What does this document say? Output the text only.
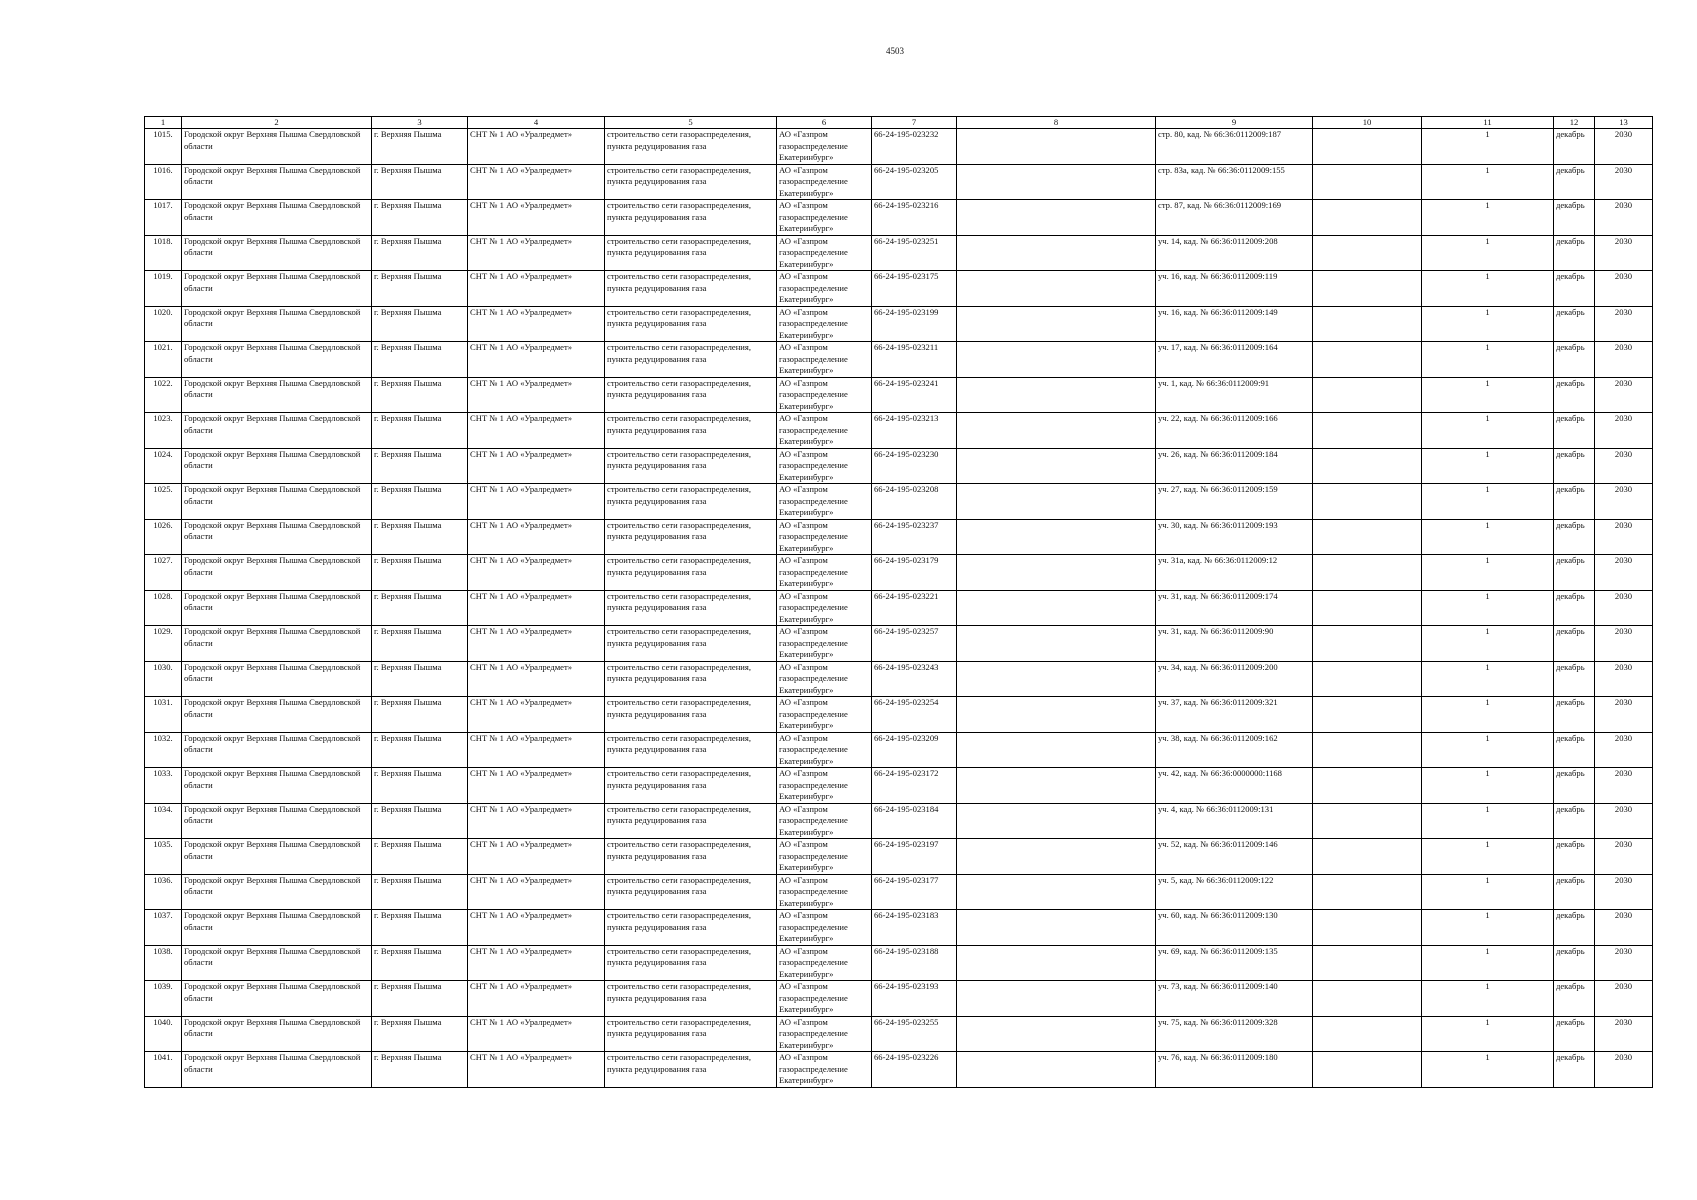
4503
1	2	3	4	5	6	7	8	9	10	11	12	13
1015.	Городской округ Верхняя Пышма Свердловской области	г. Верхняя Пышма	СНТ № 1 АО «Уралредмет»	строительство сети газораспределения, пункта редуцирования газа	АО «Газпром газораспределение Екатеринбург»	66-24-195-023232		стр. 80, кад. № 66:36:0112009:187		1	декабрь	2030
1016.	Городской округ Верхняя Пышма Свердловской области	г. Верхняя Пышма	СНТ № 1 АО «Уралредмет»	строительство сети газораспределения, пункта редуцирования газа	АО «Газпром газораспределение Екатеринбург»	66-24-195-023205		стр. 83а, кад. № 66:36:0112009:155		1	декабрь	2030
1017.	Городской округ Верхняя Пышма Свердловской области	г. Верхняя Пышма	СНТ № 1 АО «Уралредмет»	строительство сети газораспределения, пункта редуцирования газа	АО «Газпром газораспределение Екатеринбург»	66-24-195-023216		стр. 87, кад. № 66:36:0112009:169		1	декабрь	2030
1018.	Городской округ Верхняя Пышма Свердловской области	г. Верхняя Пышма	СНТ № 1 АО «Уралредмет»	строительство сети газораспределения, пункта редуцирования газа	АО «Газпром газораспределение Екатеринбург»	66-24-195-023251		уч. 14, кад. № 66:36:0112009:208		1	декабрь	2030
1019.	Городской округ Верхняя Пышма Свердловской области	г. Верхняя Пышма	СНТ № 1 АО «Уралредмет»	строительство сети газораспределения, пункта редуцирования газа	АО «Газпром газораспределение Екатеринбург»	66-24-195-023175		уч. 16, кад. № 66:36:0112009:119		1	декабрь	2030
1020.	Городской округ Верхняя Пышма Свердловской области	г. Верхняя Пышма	СНТ № 1 АО «Уралредмет»	строительство сети газораспределения, пункта редуцирования газа	АО «Газпром газораспределение Екатеринбург»	66-24-195-023199		уч. 16, кад. № 66:36:0112009:149		1	декабрь	2030
1021.	Городской округ Верхняя Пышма Свердловской области	г. Верхняя Пышма	СНТ № 1 АО «Уралредмет»	строительство сети газораспределения, пункта редуцирования газа	АО «Газпром газораспределение Екатеринбург»	66-24-195-023211		уч. 17, кад. № 66:36:0112009:164		1	декабрь	2030
1022.	Городской округ Верхняя Пышма Свердловской области	г. Верхняя Пышма	СНТ № 1 АО «Уралредмет»	строительство сети газораспределения, пункта редуцирования газа	АО «Газпром газораспределение Екатеринбург»	66-24-195-023241		уч. 1, кад. № 66:36:0112009:91		1	декабрь	2030
1023.	Городской округ Верхняя Пышма Свердловской области	г. Верхняя Пышма	СНТ № 1 АО «Уралредмет»	строительство сети газораспределения, пункта редуцирования газа	АО «Газпром газораспределение Екатеринбург»	66-24-195-023213		уч. 22, кад. № 66:36:0112009:166		1	декабрь	2030
1024.	Городской округ Верхняя Пышма Свердловской области	г. Верхняя Пышма	СНТ № 1 АО «Уралредмет»	строительство сети газораспределения, пункта редуцирования газа	АО «Газпром газораспределение Екатеринбург»	66-24-195-023230		уч. 26, кад. № 66:36:0112009:184		1	декабрь	2030
1025.	Городской округ Верхняя Пышма Свердловской области	г. Верхняя Пышма	СНТ № 1 АО «Уралредмет»	строительство сети газораспределения, пункта редуцирования газа	АО «Газпром газораспределение Екатеринбург»	66-24-195-023208		уч. 27, кад. № 66:36:0112009:159		1	декабрь	2030
1026.	Городской округ Верхняя Пышма Свердловской области	г. Верхняя Пышма	СНТ № 1 АО «Уралредмет»	строительство сети газораспределения, пункта редуцирования газа	АО «Газпром газораспределение Екатеринбург»	66-24-195-023237		уч. 30, кад. № 66:36:0112009:193		1	декабрь	2030
1027.	Городской округ Верхняя Пышма Свердловской области	г. Верхняя Пышма	СНТ № 1 АО «Уралредмет»	строительство сети газораспределения, пункта редуцирования газа	АО «Газпром газораспределение Екатеринбург»	66-24-195-023179		уч. 31а, кад. № 66:36:0112009:12		1	декабрь	2030
1028.	Городской округ Верхняя Пышма Свердловской области	г. Верхняя Пышма	СНТ № 1 АО «Уралредмет»	строительство сети газораспределения, пункта редуцирования газа	АО «Газпром газораспределение Екатеринбург»	66-24-195-023221		уч. 31, кад. № 66:36:0112009:174		1	декабрь	2030
1029.	Городской округ Верхняя Пышма Свердловской области	г. Верхняя Пышма	СНТ № 1 АО «Уралредмет»	строительство сети газораспределения, пункта редуцирования газа	АО «Газпром газораспределение Екатеринбург»	66-24-195-023257		уч. 31, кад. № 66:36:0112009:90		1	декабрь	2030
1030.	Городской округ Верхняя Пышма Свердловской области	г. Верхняя Пышма	СНТ № 1 АО «Уралредмет»	строительство сети газораспределения, пункта редуцирования газа	АО «Газпром газораспределение Екатеринбург»	66-24-195-023243		уч. 34, кад. № 66:36:0112009:200		1	декабрь	2030
1031.	Городской округ Верхняя Пышма Свердловской области	г. Верхняя Пышма	СНТ № 1 АО «Уралредмет»	строительство сети газораспределения, пункта редуцирования газа	АО «Газпром газораспределение Екатеринбург»	66-24-195-023254		уч. 37, кад. № 66:36:0112009:321		1	декабрь	2030
1032.	Городской округ Верхняя Пышма Свердловской области	г. Верхняя Пышма	СНТ № 1 АО «Уралредмет»	строительство сети газораспределения, пункта редуцирования газа	АО «Газпром газораспределение Екатеринбург»	66-24-195-023209		уч. 38, кад. № 66:36:0112009:162		1	декабрь	2030
1033.	Городской округ Верхняя Пышма Свердловской области	г. Верхняя Пышма	СНТ № 1 АО «Уралредмет»	строительство сети газораспределения, пункта редуцирования газа	АО «Газпром газораспределение Екатеринбург»	66-24-195-023172		уч. 42, кад. № 66:36:0000000:1168		1	декабрь	2030
1034.	Городской округ Верхняя Пышма Свердловской области	г. Верхняя Пышма	СНТ № 1 АО «Уралредмет»	строительство сети газораспределения, пункта редуцирования газа	АО «Газпром газораспределение Екатеринбург»	66-24-195-023184		уч. 4, кад. № 66:36:0112009:131		1	декабрь	2030
1035.	Городской округ Верхняя Пышма Свердловской области	г. Верхняя Пышма	СНТ № 1 АО «Уралредмет»	строительство сети газораспределения, пункта редуцирования газа	АО «Газпром газораспределение Екатеринбург»	66-24-195-023197		уч. 52, кад. № 66:36:0112009:146		1	декабрь	2030
1036.	Городской округ Верхняя Пышма Свердловской области	г. Верхняя Пышма	СНТ № 1 АО «Уралредмет»	строительство сети газораспределения, пункта редуцирования газа	АО «Газпром газораспределение Екатеринбург»	66-24-195-023177		уч. 5, кад. № 66:36:0112009:122		1	декабрь	2030
1037.	Городской округ Верхняя Пышма Свердловской области	г. Верхняя Пышма	СНТ № 1 АО «Уралредмет»	строительство сети газораспределения, пункта редуцирования газа	АО «Газпром газораспределение Екатеринбург»	66-24-195-023183		уч. 60, кад. № 66:36:0112009:130		1	декабрь	2030
1038.	Городской округ Верхняя Пышма Свердловской области	г. Верхняя Пышма	СНТ № 1 АО «Уралредмет»	строительство сети газораспределения, пункта редуцирования газа	АО «Газпром газораспределение Екатеринбург»	66-24-195-023188		уч. 69, кад. № 66:36:0112009:135		1	декабрь	2030
1039.	Городской округ Верхняя Пышма Свердловской области	г. Верхняя Пышма	СНТ № 1 АО «Уралредмет»	строительство сети газораспределения, пункта редуцирования газа	АО «Газпром газораспределение Екатеринбург»	66-24-195-023193		уч. 73, кад. № 66:36:0112009:140		1	декабрь	2030
1040.	Городской округ Верхняя Пышма Свердловской области	г. Верхняя Пышма	СНТ № 1 АО «Уралредмет»	строительство сети газораспределения, пункта редуцирования газа	АО «Газпром газораспределение Екатеринбург»	66-24-195-023255		уч. 75, кад. № 66:36:0112009:328		1	декабрь	2030
1041.	Городской округ Верхняя Пышма Свердловской области	г. Верхняя Пышма	СНТ № 1 АО «Уралредмет»	строительство сети газораспределения, пункта редуцирования газа	АО «Газпром газораспределение Екатеринбург»	66-24-195-023226		уч. 76, кад. № 66:36:0112009:180		1	декабрь	2030
